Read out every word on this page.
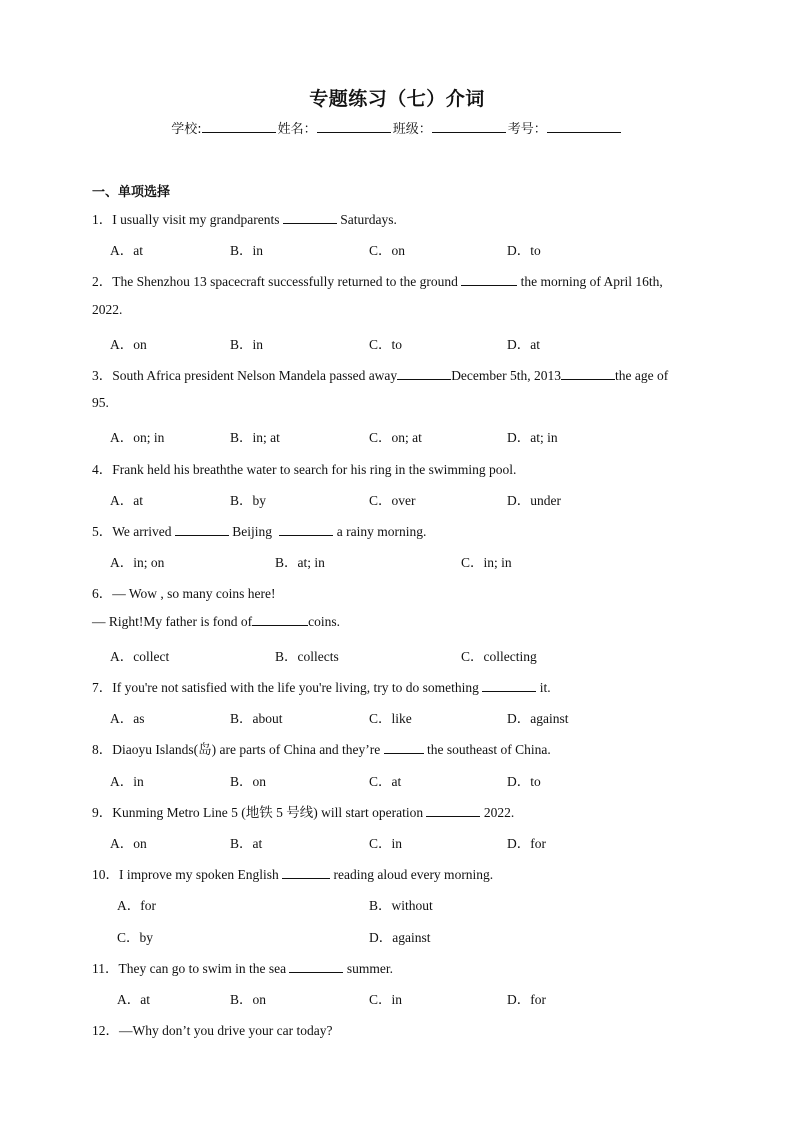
专题练习（七）介词
学校:	姓名：	班级：	考号：
一、单项选择
1．I usually visit my grandparents	Saturdays.
A．at	B．in	C．on	D．to
2．The Shenzhou 13 spacecraft successfully returned to the ground	the morning of April 16th,
2022.
A．on	B．in	C．to	D．at
3．South Africa president Nelson Mandela passed away	December 5th, 2013	the age of
95.
A．on; in	B．in; at	C．on; at	D．at; in
4．Frank held his breaththe water to search for his ring in the swimming pool.
A．at	B．by	C．over	D．under
5．We arrived	Beijing	a rainy morning.
A．in; on	B．at; in	C．in; in
6．— Wow , so many coins here!
— Right!My father is fond of	coins.
A．collect	B．collects	C．collecting
7．If you're not satisfied with the life you're living, try to do something	it.
A．as	B．about	C．like	D．against
8．Diaoyu Islands(岛) are parts of China and they’re	the southeast of China.
A．in	B．on	C．at	D．to
9．Kunming Metro Line 5 (地铁 5 号线) will start operation	2022.
A．on	B．at	C．in	D．for
10．I improve my spoken English	reading aloud every morning.
A．for	B．without
C．by	D．against
11．They can go to swim in the sea	summer.
A．at	B．on	C．in	D．for
12．—Why don’t you drive your car today?
